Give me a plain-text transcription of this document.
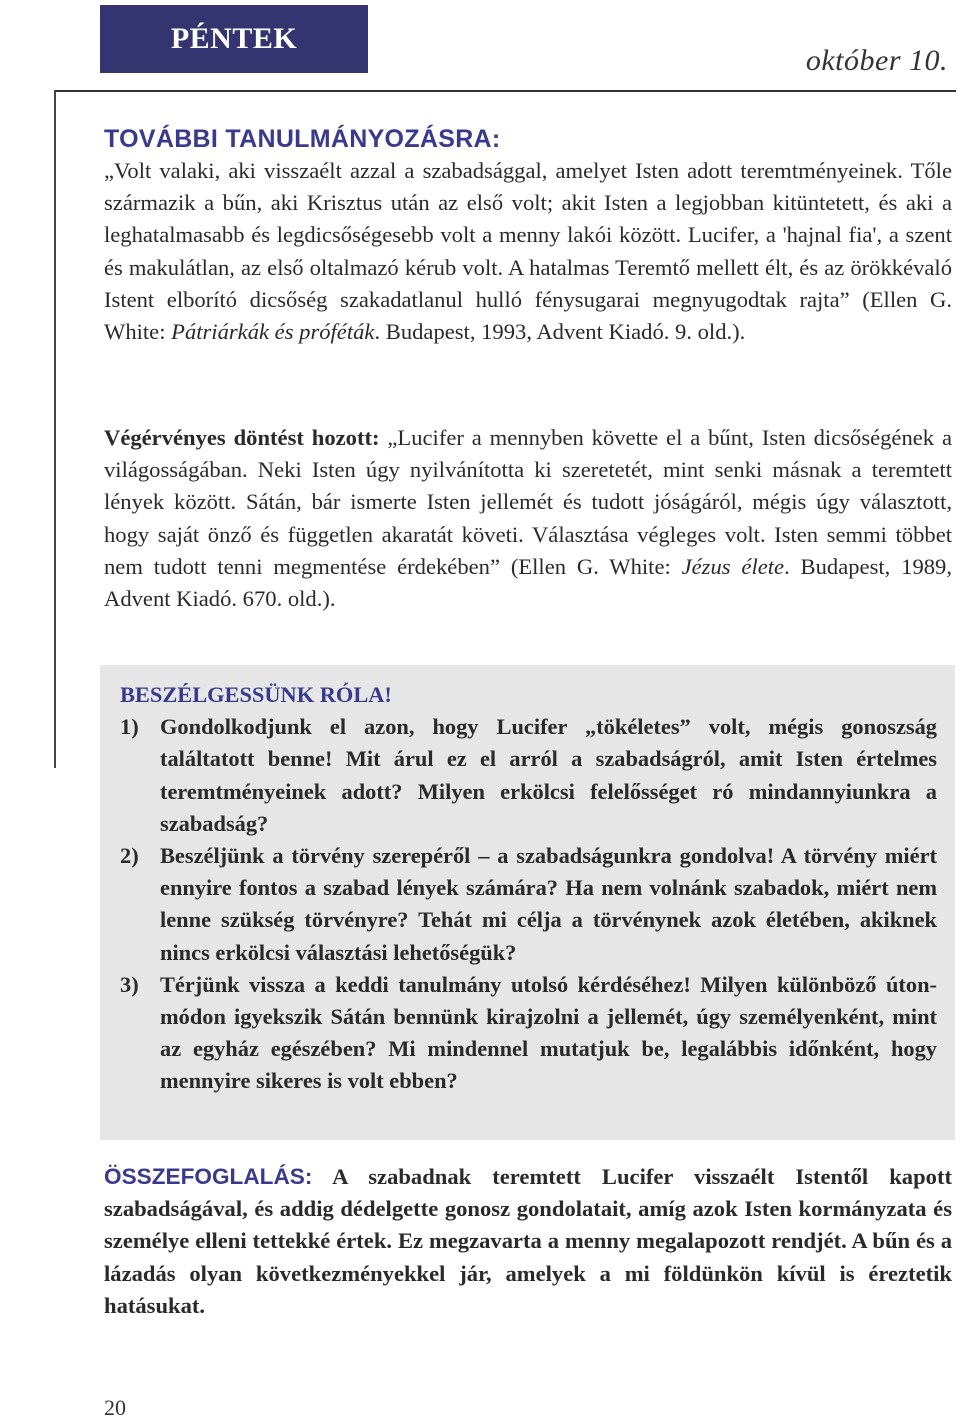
PÉNTEK
október 10.
TOVÁBBI TANULMÁNYOZÁSRA:

„Volt valaki, aki visszaélt azzal a szabadsággal, amelyet Isten adott teremtményeinek. Tőle származik a bűn, aki Krisztus után az első volt; akit Isten a legjobban kitüntetett, és aki a leghatalmasabb és legdicsőségesebb volt a menny lakói között. Lucifer, a 'hajnal fia', a szent és makulátlan, az első oltalmazó kérub volt. A hatalmas Teremtő mellett élt, és az örökkévaló Istent elborító dicsőség szakadatlanul hulló fénysugarai megnyugodtak rajta” (Ellen G. White: Pátriárkák és próféták. Budapest, 1993, Advent Kiadó. 9. old.).

Végérvényes döntést hozott: „Lucifer a mennyben követte el a bűnt, Isten dicsőségének a világosságában. Neki Isten úgy nyilvánította ki szeretetét, mint senki másnak a teremtett lények között. Sátán, bár ismerte Isten jellemét és tudott jóságáról, mégis úgy választott, hogy saját önző és független akaratát követi. Választása végleges volt. Isten semmi többet nem tudott tenni megmentése érdekében” (Ellen G. White: Jézus élete. Budapest, 1989, Advent Kiadó. 670. old.).

BESZÉLGESSÜNK RÓLA!
1) Gondolkodjunk el azon, hogy Lucifer „tökéletes” volt, mégis gonoszság találtatott benne! Mit árul ez el arról a szabadságról, amit Isten értelmes teremtményeinek adott? Milyen erkölcsi felelősséget ró mindannyiunkra a szabadság?
2) Beszéljünk a törvény szerepéről – a szabadságunkra gondolva! A törvény miért ennyire fontos a szabad lények számára? Ha nem volnánk szabadok, miért nem lenne szükség törvényre? Tehát mi célja a törvénynek azok életében, akiknek nincs erkölcsi választási lehetőségük?
3) Térjünk vissza a keddi tanulmány utolsó kérdéséhez! Milyen különböző úton-módon igyekszik Sátán bennünk kirajzolni a jellemét, úgy személyenként, mint az egyház egészében? Mi mindennel mutatjuk be, legalábbis időnként, hogy mennyire sikeres is volt ebben?

ÖSSZEFOGLALÁS: A szabadnak teremtett Lucifer visszaélt Istentől kapott szabadságával, és addig dédelgette gonosz gondolatait, amíg azok Isten kormányzata és személye elleni tettekké értek. Ez megzavarta a menny megalapozott rendjét. A bűn és a lázadás olyan következményekkel jár, amelyek a mi földünkön kívül is éreztetik hatásukat.

20
